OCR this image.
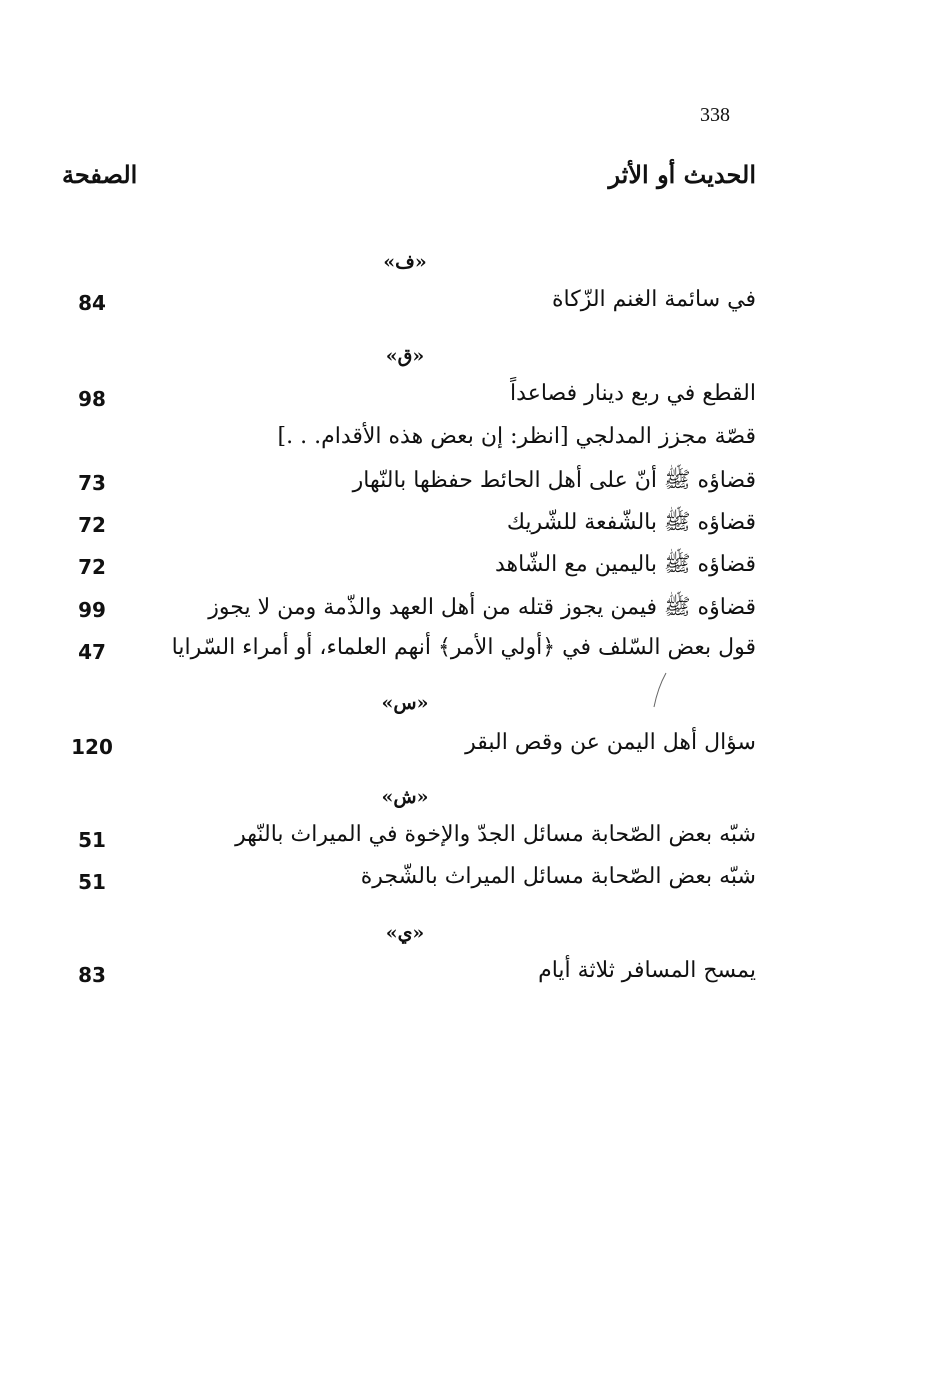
338
الحديث أو الأثر
الصفحة
«ف»
في سائمة الغنم الزّكاة
84
«ق»
القطع في ربع دينار فصاعداً
98
قصّة مجزز المدلجي [انظر: إن بعض هذه الأقدام. . .]
قضاؤه ﷺ أنّ على أهل الحائط حفظها بالنّهار
73
قضاؤه ﷺ بالشّفعة للشّريك
72
قضاؤه ﷺ باليمين مع الشّاهد
72
قضاؤه ﷺ فيمن يجوز قتله من أهل العهد والذّمة ومن لا يجوز
99
قول بعض السّلف في ﴿أولي الأمر﴾ أنهم العلماء، أو أمراء السّرايا
47
«س»
سؤال أهل اليمن عن وقص البقر
120
«ش»
شبّه بعض الصّحابة مسائل الجدّ والإخوة في الميراث بالنّهر
51
شبّه بعض الصّحابة مسائل الميراث بالشّجرة
51
«ي»
يمسح المسافر ثلاثة أيام
83
